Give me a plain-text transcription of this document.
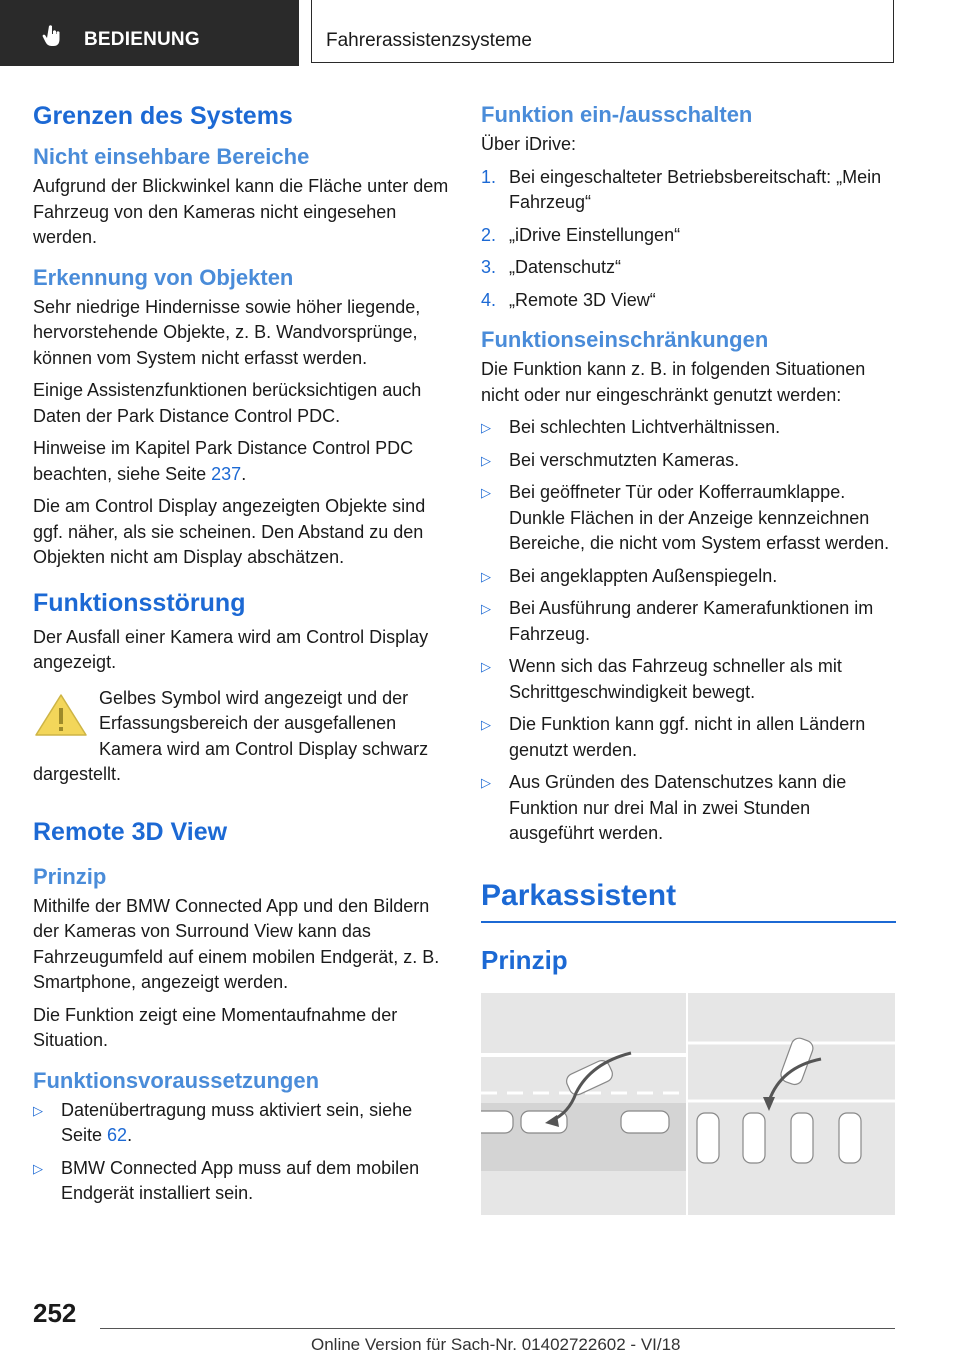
BEDIENUNG	Fahrerassistenzsysteme
Grenzen des Systems
Nicht einsehbare Bereiche

Aufgrund der Blickwinkel kann die Fläche unter dem Fahrzeug von den Kameras nicht eingesehen werden.

Erkennung von Objekten

Sehr niedrige Hindernisse sowie höher liegende, hervorstehende Objekte, z. B. Wandvorsprünge, können vom System nicht erfasst werden.

Einige Assistenzfunktionen berücksichtigen auch Daten der Park Distance Control PDC.

Hinweise im Kapitel Park Distance Control PDC beachten, siehe Seite 237.

Die am Control Display angezeigten Objekte sind ggf. näher, als sie scheinen. Den Abstand zu den Objekten nicht am Display abschätzen.

Funktionsstörung

Der Ausfall einer Kamera wird am Control Display angezeigt.

Gelbes Symbol wird angezeigt und der Erfassungsbereich der ausgefallenen Kamera wird am Control Display schwarz

dargestellt.

Remote 3D View
Prinzip

Mithilfe der BMW Connected App und den Bildern der Kameras von Surround View kann das Fahrzeugumfeld auf einem mobilen Endgerät, z. B. Smartphone, angezeigt werden.

Die Funktion zeigt eine Momentaufnahme der Situation.

Funktionsvoraussetzungen
▷ Datenübertragung muss aktiviert sein, siehe Seite 62.
▷ BMW Connected App muss auf dem mobilen Endgerät installiert sein.
Funktion ein-/ausschalten

Über iDrive:

1. Bei eingeschalteter Betriebsbereitschaft: „Mein Fahrzeug“
2. „iDrive Einstellungen“
3. „Datenschutz“
4. „Remote 3D View“
Funktionseinschränkungen

Die Funktion kann z. B. in folgenden Situationen nicht oder nur eingeschränkt genutzt werden:

▷ Bei schlechten Lichtverhältnissen.
▷ Bei verschmutzten Kameras.
▷ Bei geöffneter Tür oder Kofferraumklappe. Dunkle Flächen in der Anzeige kennzeichnen Bereiche, die nicht vom System erfasst werden.
▷ Bei angeklappten Außenspiegeln.
▷ Bei Ausführung anderer Kamerafunktionen im Fahrzeug.
▷ Wenn sich das Fahrzeug schneller als mit Schrittgeschwindigkeit bewegt.
▷ Die Funktion kann ggf. nicht in allen Ländern genutzt werden.
▷ Aus Gründen des Datenschutzes kann die Funktion nur drei Mal in zwei Stunden ausgeführt werden.
Parkassistent
Prinzip
252
Online Version für Sach-Nr. 01402722602 - VI/18
